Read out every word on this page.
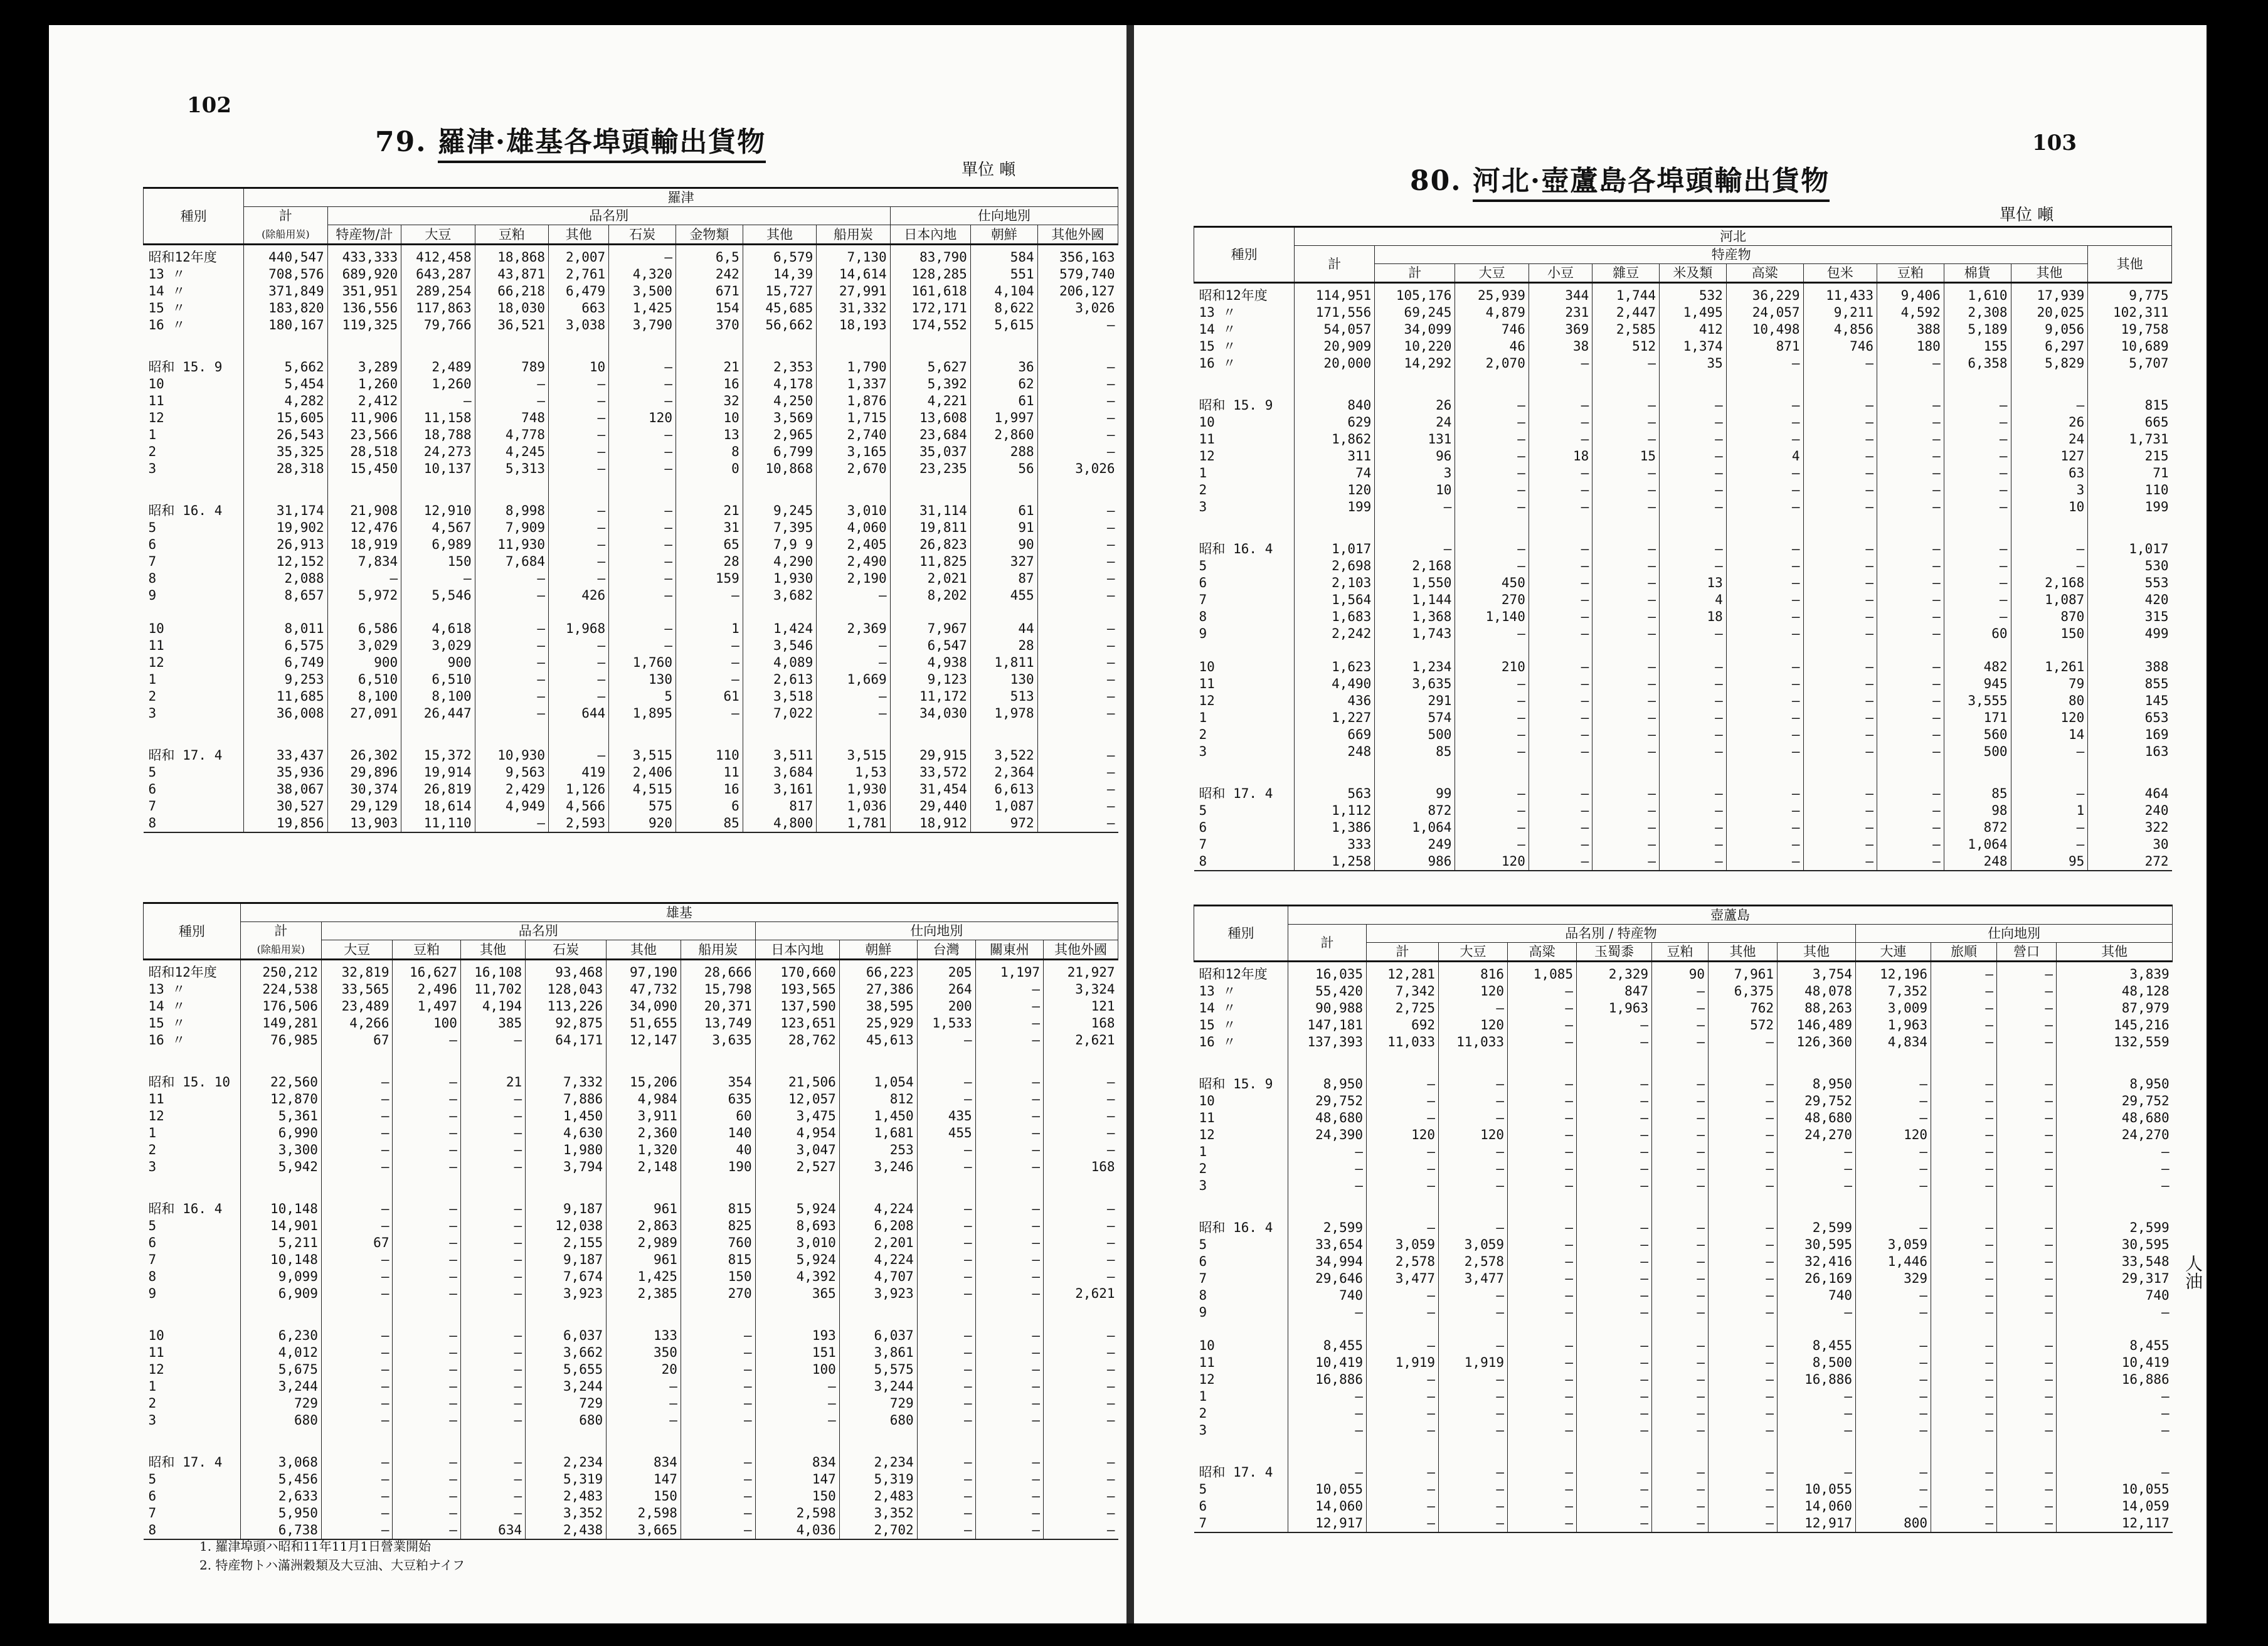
102
79. 羅津·雄基各埠頭輸出貨物
單位 噸
種別	羅津											
	計
(除船用炭)	品名別								仕向地別		
		特産物/計	大豆	豆粕	其他	石炭	金物類	其他	船用炭	日本內地	朝鮮	其他外國
昭和12年度	440,547	433,333	412,458	18,868	2,007	—	6,5	6,579	7,130	83,790	584	356,163
13 〃	708,576	689,920	643,287	43,871	2,761	4,320	242	14,39	14,614	128,285	551	579,740
14 〃	371,849	351,951	289,254	66,218	6,479	3,500	671	15,727	27,991	161,618	4,104	206,127
15 〃	183,820	136,556	117,863	18,030	663	1,425	154	45,685	31,332	172,171	8,622	3,026
16 〃	180,167	119,325	79,766	36,521	3,038	3,790	370	56,662	18,193	174,552	5,615	—
昭和 15. 9	5,662	3,289	2,489	789	10	—	21	2,353	1,790	5,627	36	—
10	5,454	1,260	1,260	—	—	—	16	4,178	1,337	5,392	62	—
11	4,282	2,412	—	—	—	—	32	4,250	1,876	4,221	61	—
12	15,605	11,906	11,158	748	—	120	10	3,569	1,715	13,608	1,997	—
1	26,543	23,566	18,788	4,778	—	—	13	2,965	2,740	23,684	2,860	—
2	35,325	28,518	24,273	4,245	—	—	8	6,799	3,165	35,037	288	—
3	28,318	15,450	10,137	5,313	—	—	0	10,868	2,670	23,235	56	3,026
昭和 16. 4	31,174	21,908	12,910	8,998	—	—	21	9,245	3,010	31,114	61	—
5	19,902	12,476	4,567	7,909	—	—	31	7,395	4,060	19,811	91	—
6	26,913	18,919	6,989	11,930	—	—	65	7,9 9	2,405	26,823	90	—
7	12,152	7,834	150	7,684	—	—	28	4,290	2,490	11,825	327	—
8	2,088	—	—	—	—	—	159	1,930	2,190	2,021	87	—
9	8,657	5,972	5,546	—	426	—	—	3,682	—	8,202	455	—
10	8,011	6,586	4,618	—	1,968	—	1	1,424	2,369	7,967	44	—
11	6,575	3,029	3,029	—	—	—	—	3,546	—	6,547	28	—
12	6,749	900	900	—	—	1,760	—	4,089	—	4,938	1,811	—
1	9,253	6,510	6,510	—	—	130	—	2,613	1,669	9,123	130	—
2	11,685	8,100	8,100	—	—	5	61	3,518	—	11,172	513	—
3	36,008	27,091	26,447	—	644	1,895	—	7,022	—	34,030	1,978	—
昭和 17. 4	33,437	26,302	15,372	10,930	—	3,515	110	3,511	3,515	29,915	3,522	—
5	35,936	29,896	19,914	9,563	419	2,406	11	3,684	1,53	33,572	2,364	—
6	38,067	30,374	26,819	2,429	1,126	4,515	16	3,161	1,930	31,454	6,613	—
7	30,527	29,129	18,614	4,949	4,566	575	6	817	1,036	29,440	1,087	—
8	19,856	13,903	11,110	—	2,593	920	85	4,800	1,781	18,912	972	—
種別	雄基											
	計
(除船用炭)	品名別						仕向地別				
		大豆	豆粕	其他	石炭	其他	船用炭	日本內地	朝鮮	台灣	關東州	其他外國
昭和12年度	250,212	32,819	16,627	16,108	93,468	97,190	28,666	170,660	66,223	205	1,197	21,927
13 〃	224,538	33,565	2,496	11,702	128,043	47,732	15,798	193,565	27,386	264	—	3,324
14 〃	176,506	23,489	1,497	4,194	113,226	34,090	20,371	137,590	38,595	200	—	121
15 〃	149,281	4,266	100	385	92,875	51,655	13,749	123,651	25,929	1,533	—	168
16 〃	76,985	67	—	—	64,171	12,147	3,635	28,762	45,613	—	—	2,621
昭和 15. 10	22,560	—	—	21	7,332	15,206	354	21,506	1,054	—	—	—
11	12,870	—	—	—	7,886	4,984	635	12,057	812	—	—	—
12	5,361	—	—	—	1,450	3,911	60	3,475	1,450	435	—	—
1	6,990	—	—	—	4,630	2,360	140	4,954	1,681	455	—	—
2	3,300	—	—	—	1,980	1,320	40	3,047	253	—	—	—
3	5,942	—	—	—	3,794	2,148	190	2,527	3,246	—	—	168
昭和 16. 4	10,148	—	—	—	9,187	961	815	5,924	4,224	—	—	—
5	14,901	—	—	—	12,038	2,863	825	8,693	6,208	—	—	—
6	5,211	67	—	—	2,155	2,989	760	3,010	2,201	—	—	—
7	10,148	—	—	—	9,187	961	815	5,924	4,224	—	—	—
8	9,099	—	—	—	7,674	1,425	150	4,392	4,707	—	—	—
9	6,909	—	—	—	3,923	2,385	270	365	3,923	—	—	2,621
10	6,230	—	—	—	6,037	133	—	193	6,037	—	—	—
11	4,012	—	—	—	3,662	350	—	151	3,861	—	—	—
12	5,675	—	—	—	5,655	20	—	100	5,575	—	—	—
1	3,244	—	—	—	3,244	—	—	—	3,244	—	—	—
2	729	—	—	—	729	—	—	—	729	—	—	—
3	680	—	—	—	680	—	—	—	680	—	—	—
昭和 17. 4	3,068	—	—	—	2,234	834	—	834	2,234	—	—	—
5	5,456	—	—	—	5,319	147	—	147	5,319	—	—	—
6	2,633	—	—	—	2,483	150	—	150	2,483	—	—	—
7	5,950	—	—	—	3,352	2,598	—	2,598	3,352	—	—	—
8	6,738	—	—	634	2,438	3,665	—	4,036	2,702	—	—	—
1. 羅津埠頭ハ昭和11年11月1日營業開始
2. 特産物トハ滿洲穀類及大豆油、大豆粕ナイフ
103
80. 河北·壺蘆島各埠頭輸出貨物
單位 噸
種別	河北											
	計	特産物										其他
		計	大豆	小豆	雜豆	米及類	高粱	包米	豆粕	棉貨	其他	
昭和12年度	114,951	105,176	25,939	344	1,744	532	36,229	11,433	9,406	1,610	17,939	9,775
13 〃	171,556	69,245	4,879	231	2,447	1,495	24,057	9,211	4,592	2,308	20,025	102,311
14 〃	54,057	34,099	746	369	2,585	412	10,498	4,856	388	5,189	9,056	19,758
15 〃	20,909	10,220	46	38	512	1,374	871	746	180	155	6,297	10,689
16 〃	20,000	14,292	2,070	—	—	35	—	—	—	6,358	5,829	5,707
昭和 15. 9	840	26	—	—	—	—	—	—	—	—	—	815
10	629	24	—	—	—	—	—	—	—	—	26	665
11	1,862	131	—	—	—	—	—	—	—	—	24	1,731
12	311	96	—	18	15	—	4	—	—	—	127	215
1	74	3	—	—	—	—	—	—	—	—	63	71
2	120	10	—	—	—	—	—	—	—	—	3	110
3	199	—	—	—	—	—	—	—	—	—	10	199
昭和 16. 4	1,017	—	—	—	—	—	—	—	—	—	—	1,017
5	2,698	2,168	—	—	—	—	—	—	—	—	—	530
6	2,103	1,550	450	—	—	13	—	—	—	—	2,168	553
7	1,564	1,144	270	—	—	4	—	—	—	—	1,087	420
8	1,683	1,368	1,140	—	—	18	—	—	—	—	870	315
9	2,242	1,743	—	—	—	—	—	—	—	60	150	499
10	1,623	1,234	210	—	—	—	—	—	—	482	1,261	388
11	4,490	3,635	—	—	—	—	—	—	—	945	79	855
12	436	291	—	—	—	—	—	—	—	3,555	80	145
1	1,227	574	—	—	—	—	—	—	—	171	120	653
2	669	500	—	—	—	—	—	—	—	560	14	169
3	248	85	—	—	—	—	—	—	—	500	—	163
昭和 17. 4	563	99	—	—	—	—	—	—	—	85	—	464
5	1,112	872	—	—	—	—	—	—	—	98	1	240
6	1,386	1,064	—	—	—	—	—	—	—	872	—	322
7	333	249	—	—	—	—	—	—	—	1,064	—	30
8	1,258	986	120	—	—	—	—	—	—	248	95	272
種別	壺蘆島											
	計	品名別 / 特産物							仕向地別			
		計	大豆	高粱	玉蜀黍	豆粕	其他	其他	大連	旅順	營口	其他
昭和12年度	16,035	12,281	816	1,085	2,329	90	7,961	3,754	12,196	—	—	3,839
13 〃	55,420	7,342	120	—	847	—	6,375	48,078	7,352	—	—	48,128
14 〃	90,988	2,725	—	—	1,963	—	762	88,263	3,009	—	—	87,979
15 〃	147,181	692	120	—	—	—	572	146,489	1,963	—	—	145,216
16 〃	137,393	11,033	11,033	—	—	—	—	126,360	4,834	—	—	132,559
昭和 15. 9	8,950	—	—	—	—	—	—	8,950	—	—	—	8,950
10	29,752	—	—	—	—	—	—	29,752	—	—	—	29,752
11	48,680	—	—	—	—	—	—	48,680	—	—	—	48,680
12	24,390	120	120	—	—	—	—	24,270	120	—	—	24,270
1	—	—	—	—	—	—	—	—	—	—	—	—
2	—	—	—	—	—	—	—	—	—	—	—	—
3	—	—	—	—	—	—	—	—	—	—	—	—
昭和 16. 4	2,599	—	—	—	—	—	—	2,599	—	—	—	2,599
5	33,654	3,059	3,059	—	—	—	—	30,595	3,059	—	—	30,595
6	34,994	2,578	2,578	—	—	—	—	32,416	1,446	—	—	33,548
7	29,646	3,477	3,477	—	—	—	—	26,169	329	—	—	29,317
8	740	—	—	—	—	—	—	740	—	—	—	740
9	—	—	—	—	—	—	—	—	—	—	—	—
10	8,455	—	—	—	—	—	—	8,455	—	—	—	8,455
11	10,419	1,919	1,919	—	—	—	—	8,500	—	—	—	10,419
12	16,886	—	—	—	—	—	—	16,886	—	—	—	16,886
1	—	—	—	—	—	—	—	—	—	—	—	—
2	—	—	—	—	—	—	—	—	—	—	—	—
3	—	—	—	—	—	—	—	—	—	—	—	—
昭和 17. 4	—	—	—	—	—	—	—	—	—	—	—	—
5	10,055	—	—	—	—	—	—	10,055	—	—	—	10,055
6	14,060	—	—	—	—	—	—	14,060	—	—	—	14,059
7	12,917	—	—	—	—	—	—	12,917	800	—	—	12,117
人油
